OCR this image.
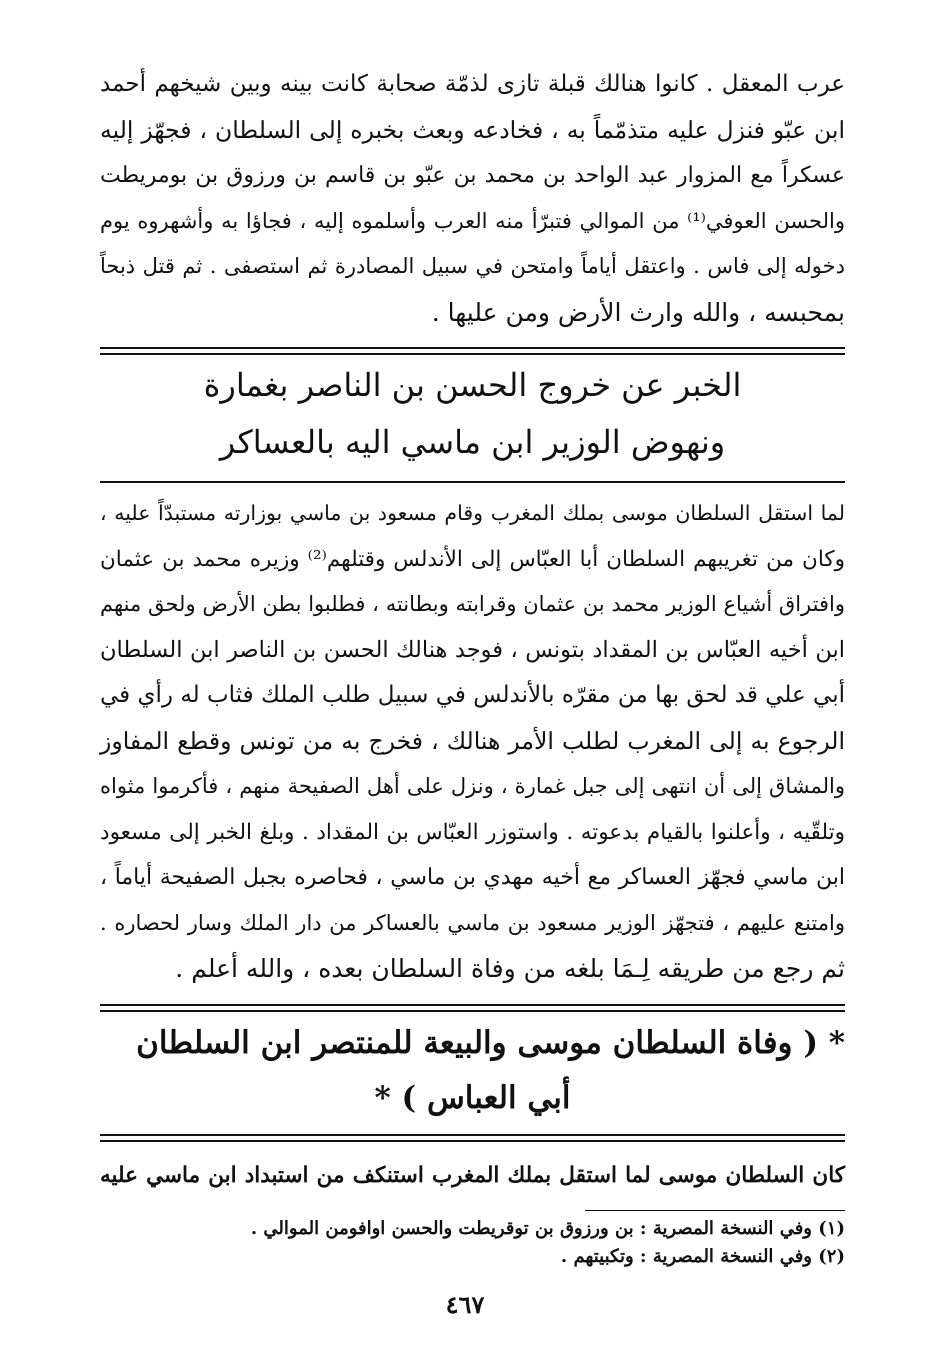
عرب المعقل . كانوا هنالك قبلة تازى لذمّة صحابة كانت بينه وبين شيخهم أحمد

ابن عبّو فنزل عليه متذمّماً به ، فخادعه وبعث بخبره إلى السلطان ، فجهّز إليه

عسكراً مع المزوار عبد الواحد بن محمد بن عبّو بن قاسم بن ورزوق بن بومريطت

والحسن العوفي⁽¹⁾ من الموالي فتبرّأ منه العرب وأسلموه إليه ، فجاؤا به وأشهروه يوم

دخوله إلى فاس . واعتقل أياماً وامتحن في سبيل المصادرة ثم استصفى . ثم قتل ذبحاً

بمحبسه ، والله وارث الأرض ومن عليها .

الخبر عن خروج الحسن بن الناصر بغمارة
ونهوض الوزير ابن ماسي اليه بالعساكر

لما استقل السلطان موسى بملك المغرب وقام مسعود بن ماسي بوزارته مستبدّاً عليه ،

وكان من تغريبهم السلطان أبا العبّاس إلى الأندلس وقتلهم⁽²⁾ وزيره محمد بن عثمان

وافتراق أشياع الوزير محمد بن عثمان وقرابته وبطانته ، فطلبوا بطن الأرض ولحق منهم

ابن أخيه العبّاس بن المقداد بتونس ، فوجد هنالك الحسن بن الناصر ابن السلطان

أبي علي قد لحق بها من مقرّه بالأندلس في سبيل طلب الملك فثاب له رأي في

الرجوع به إلى المغرب لطلب الأمر هنالك ، فخرج به من تونس وقطع المفاوز

والمشاق إلى أن انتهى إلى جبل غمارة ، ونزل على أهل الصفيحة منهم ، فأكرموا مثواه

وتلقّيه ، وأعلنوا بالقيام بدعوته . واستوزر العبّاس بن المقداد . وبلغ الخبر إلى مسعود

ابن ماسي فجهّز العساكر مع أخيه مهدي بن ماسي ، فحاصره بجبل الصفيحة أياماً ،

وامتنع عليهم ، فتجهّز الوزير مسعود بن ماسي بالعساكر من دار الملك وسار لحصاره .

ثم رجع من طريقه لِـمَا بلغه من وفاة السلطان بعده ، والله أعلم .

* ( وفاة السلطان موسى والبيعة للمنتصر ابن السلطان

أبي العباس ) *

كان السلطان موسى لما استقل بملك المغرب استنكف من استبداد ابن ماسي عليه

(١) وفي النسخة المصرية : بن ورزوق بن توقريطت والحسن اوافومن الموالي .

(٢) وفي النسخة المصرية : وتكبيتهم .

٤٦٧
